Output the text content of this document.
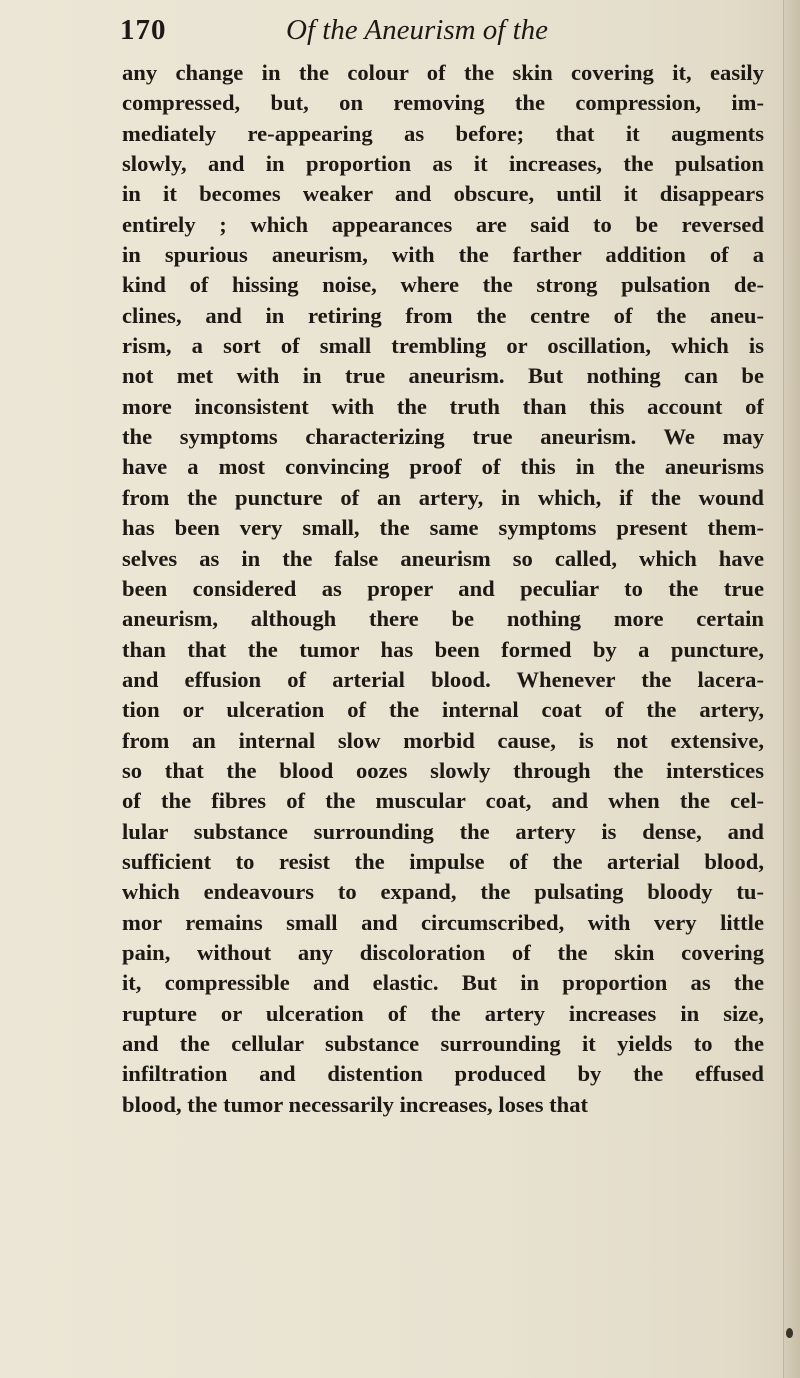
170	Of the Aneurism of the
any change in the colour of the skin covering it, easily
compressed, but, on removing the compression, im-
mediately re-appearing as before; that it augments
slowly, and in proportion as it increases, the pulsation
in it becomes weaker and obscure, until it disappears
entirely ; which appearances are said to be reversed
in spurious aneurism, with the farther addition of a
kind of hissing noise, where the strong pulsation de-
clines, and in retiring from the centre of the aneu-
rism, a sort of small trembling or oscillation, which is
not met with in true aneurism. But nothing can be
more inconsistent with the truth than this account of
the symptoms characterizing true aneurism. We may
have a most convincing proof of this in the aneurisms
from the puncture of an artery, in which, if the wound
has been very small, the same symptoms present them-
selves as in the false aneurism so called, which have
been considered as proper and peculiar to the true
aneurism, although there be nothing more certain
than that the tumor has been formed by a puncture,
and effusion of arterial blood. Whenever the lacera-
tion or ulceration of the internal coat of the artery,
from an internal slow morbid cause, is not extensive,
so that the blood oozes slowly through the interstices
of the fibres of the muscular coat, and when the cel-
lular substance surrounding the artery is dense, and
sufficient to resist the impulse of the arterial blood,
which endeavours to expand, the pulsating bloody tu-
mor remains small and circumscribed, with very little
pain, without any discoloration of the skin covering
it, compressible and elastic. But in proportion as the
rupture or ulceration of the artery increases in size,
and the cellular substance surrounding it yields to the
infiltration and distention produced by the effused
blood, the tumor necessarily increases, loses that
